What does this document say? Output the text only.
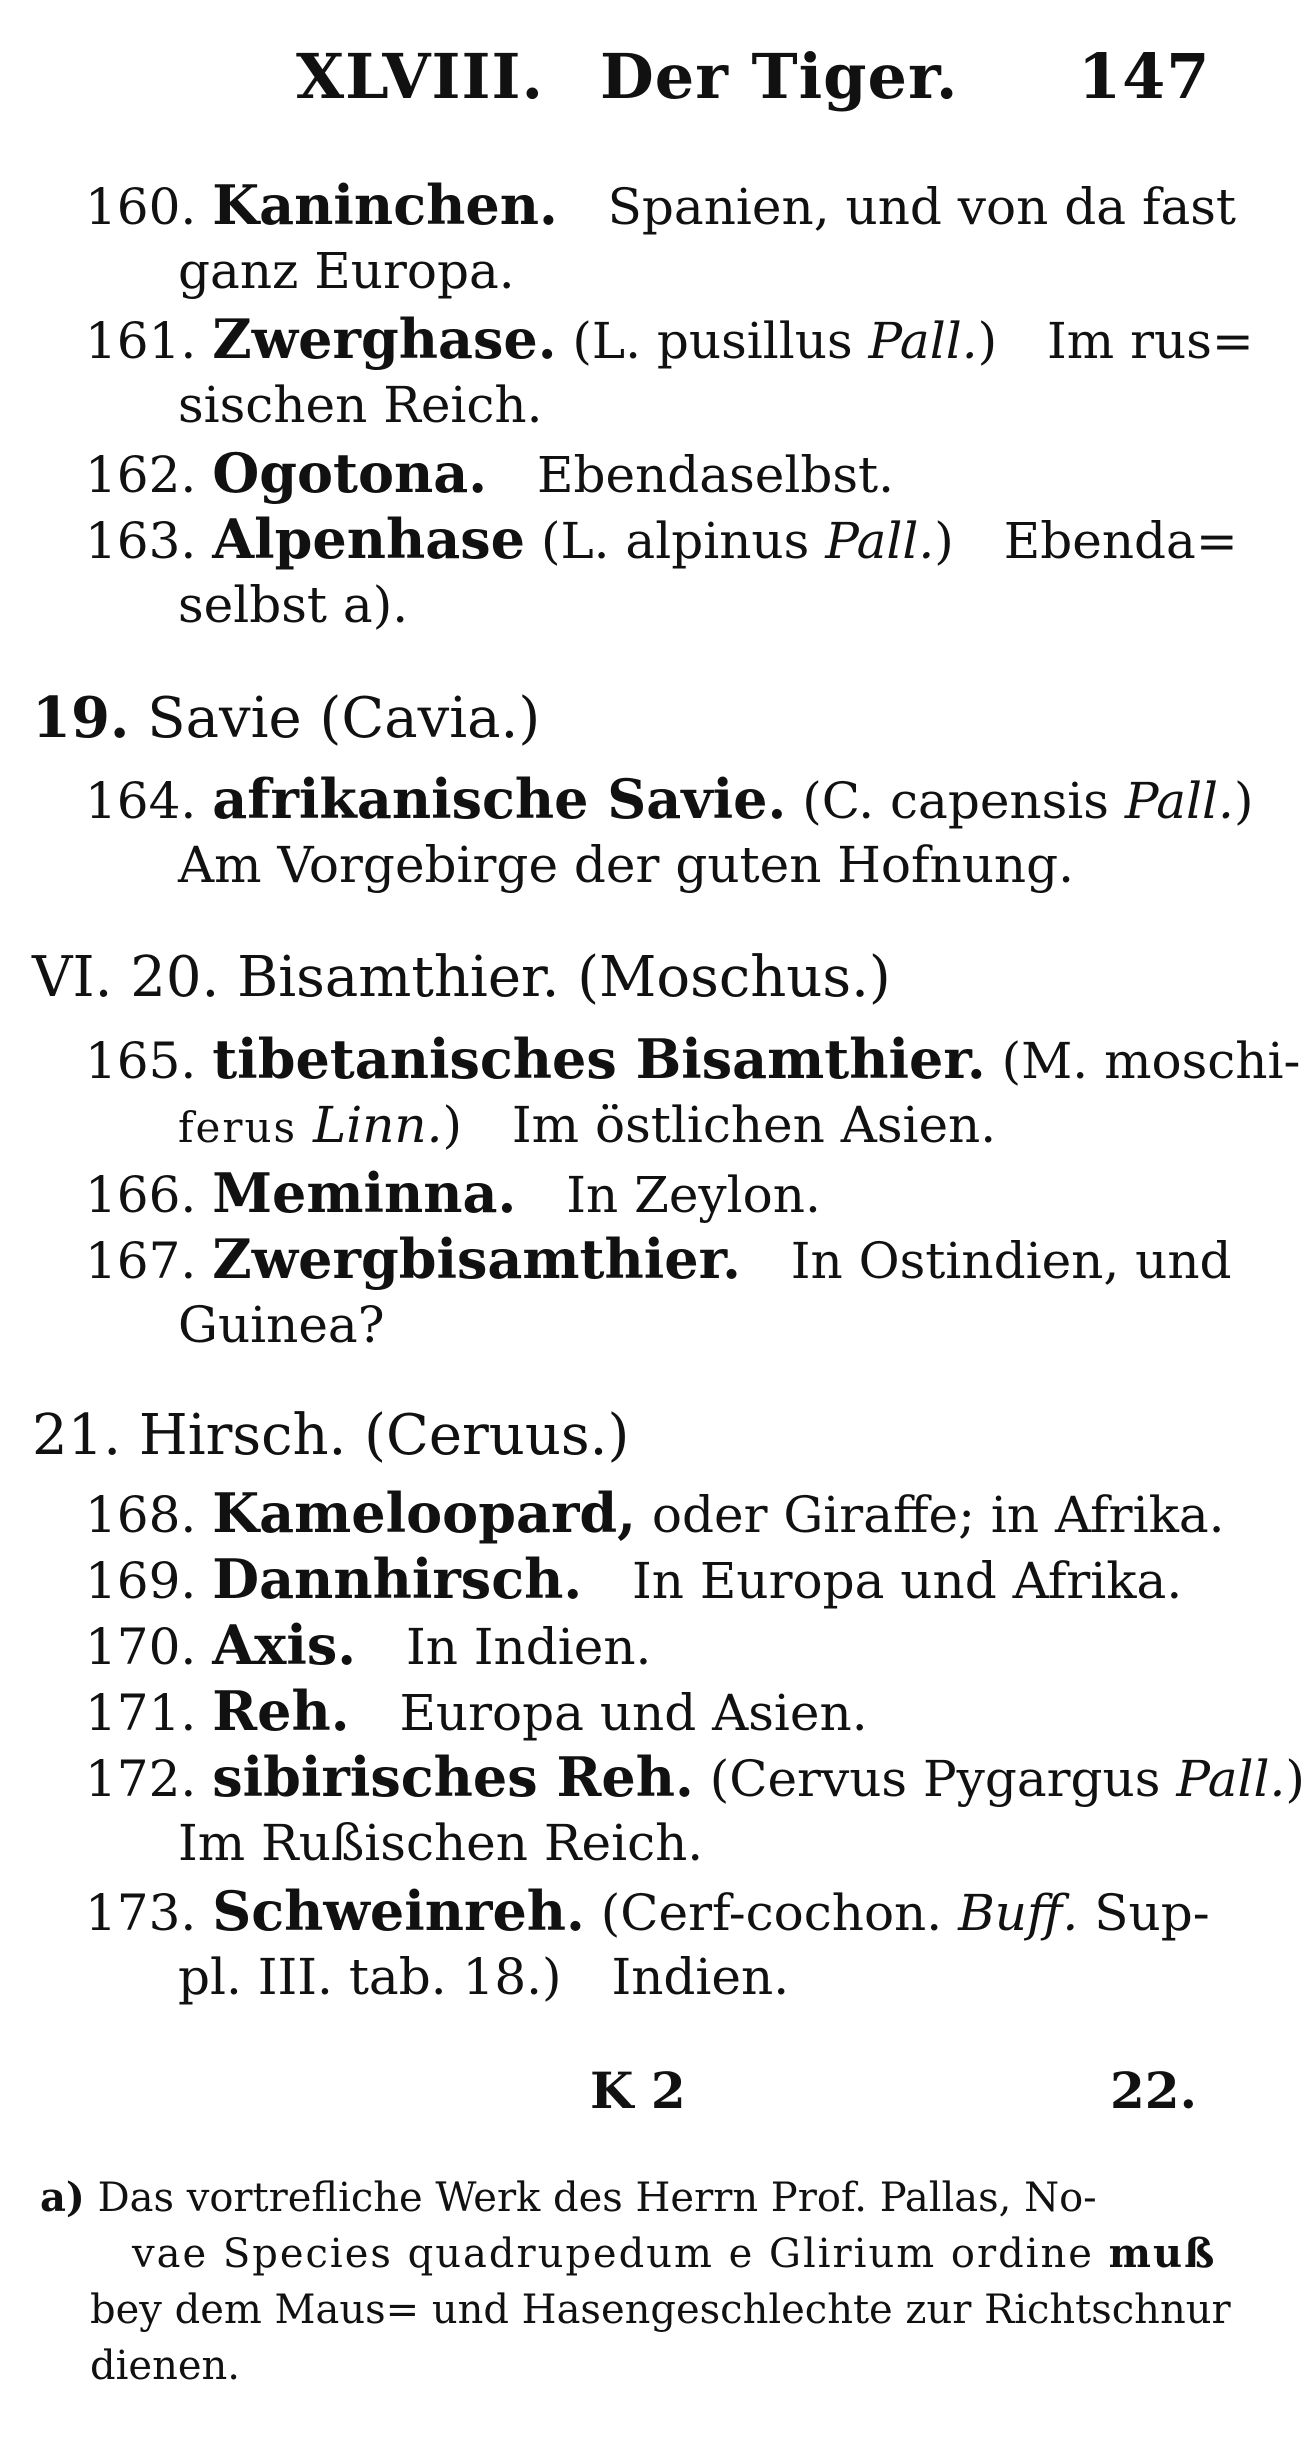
XLVIII. Der Tiger. 147
160. Kaninchen. Spanien, und von da fast
ganz Europa.
161. Zwerghase. (L. pusillus Pall.) Im rus=
sischen Reich.
162. Ogotona. Ebendaselbst.
163. Alpenhase (L. alpinus Pall.) Ebenda=
selbst a).
19. Savie (Cavia.)
164. afrikanische Savie. (C. capensis Pall.)
Am Vorgebirge der guten Hofnung.
VI. 20. Bisamthier. (Moschus.)
165. tibetanisches Bisamthier. (M. moschi-
ferus Linn.) Im östlichen Asien.
166. Meminna. In Zeylon.
167. Zwergbisamthier. In Ostindien, und
Guinea?
21. Hirsch. (Ceruus.)
168. Kameloopard, oder Giraffe; in Afrika.
169. Dannhirsch. In Europa und Afrika.
170. Axis. In Indien.
171. Reh. Europa und Asien.
172. sibirisches Reh. (Cervus Pygargus Pall.)
Im Rußischen Reich.
173. Schweinreh. (Cerf-cochon. Buff. Sup-
pl. III. tab. 18.) Indien.
K 2	22.
a) Das vortrefliche Werk des Herrn Prof. Pallas, No-
vae Species quadrupedum e Glirium ordine muß
bey dem Maus= und Hasengeschlechte zur Richtschnur
dienen.
